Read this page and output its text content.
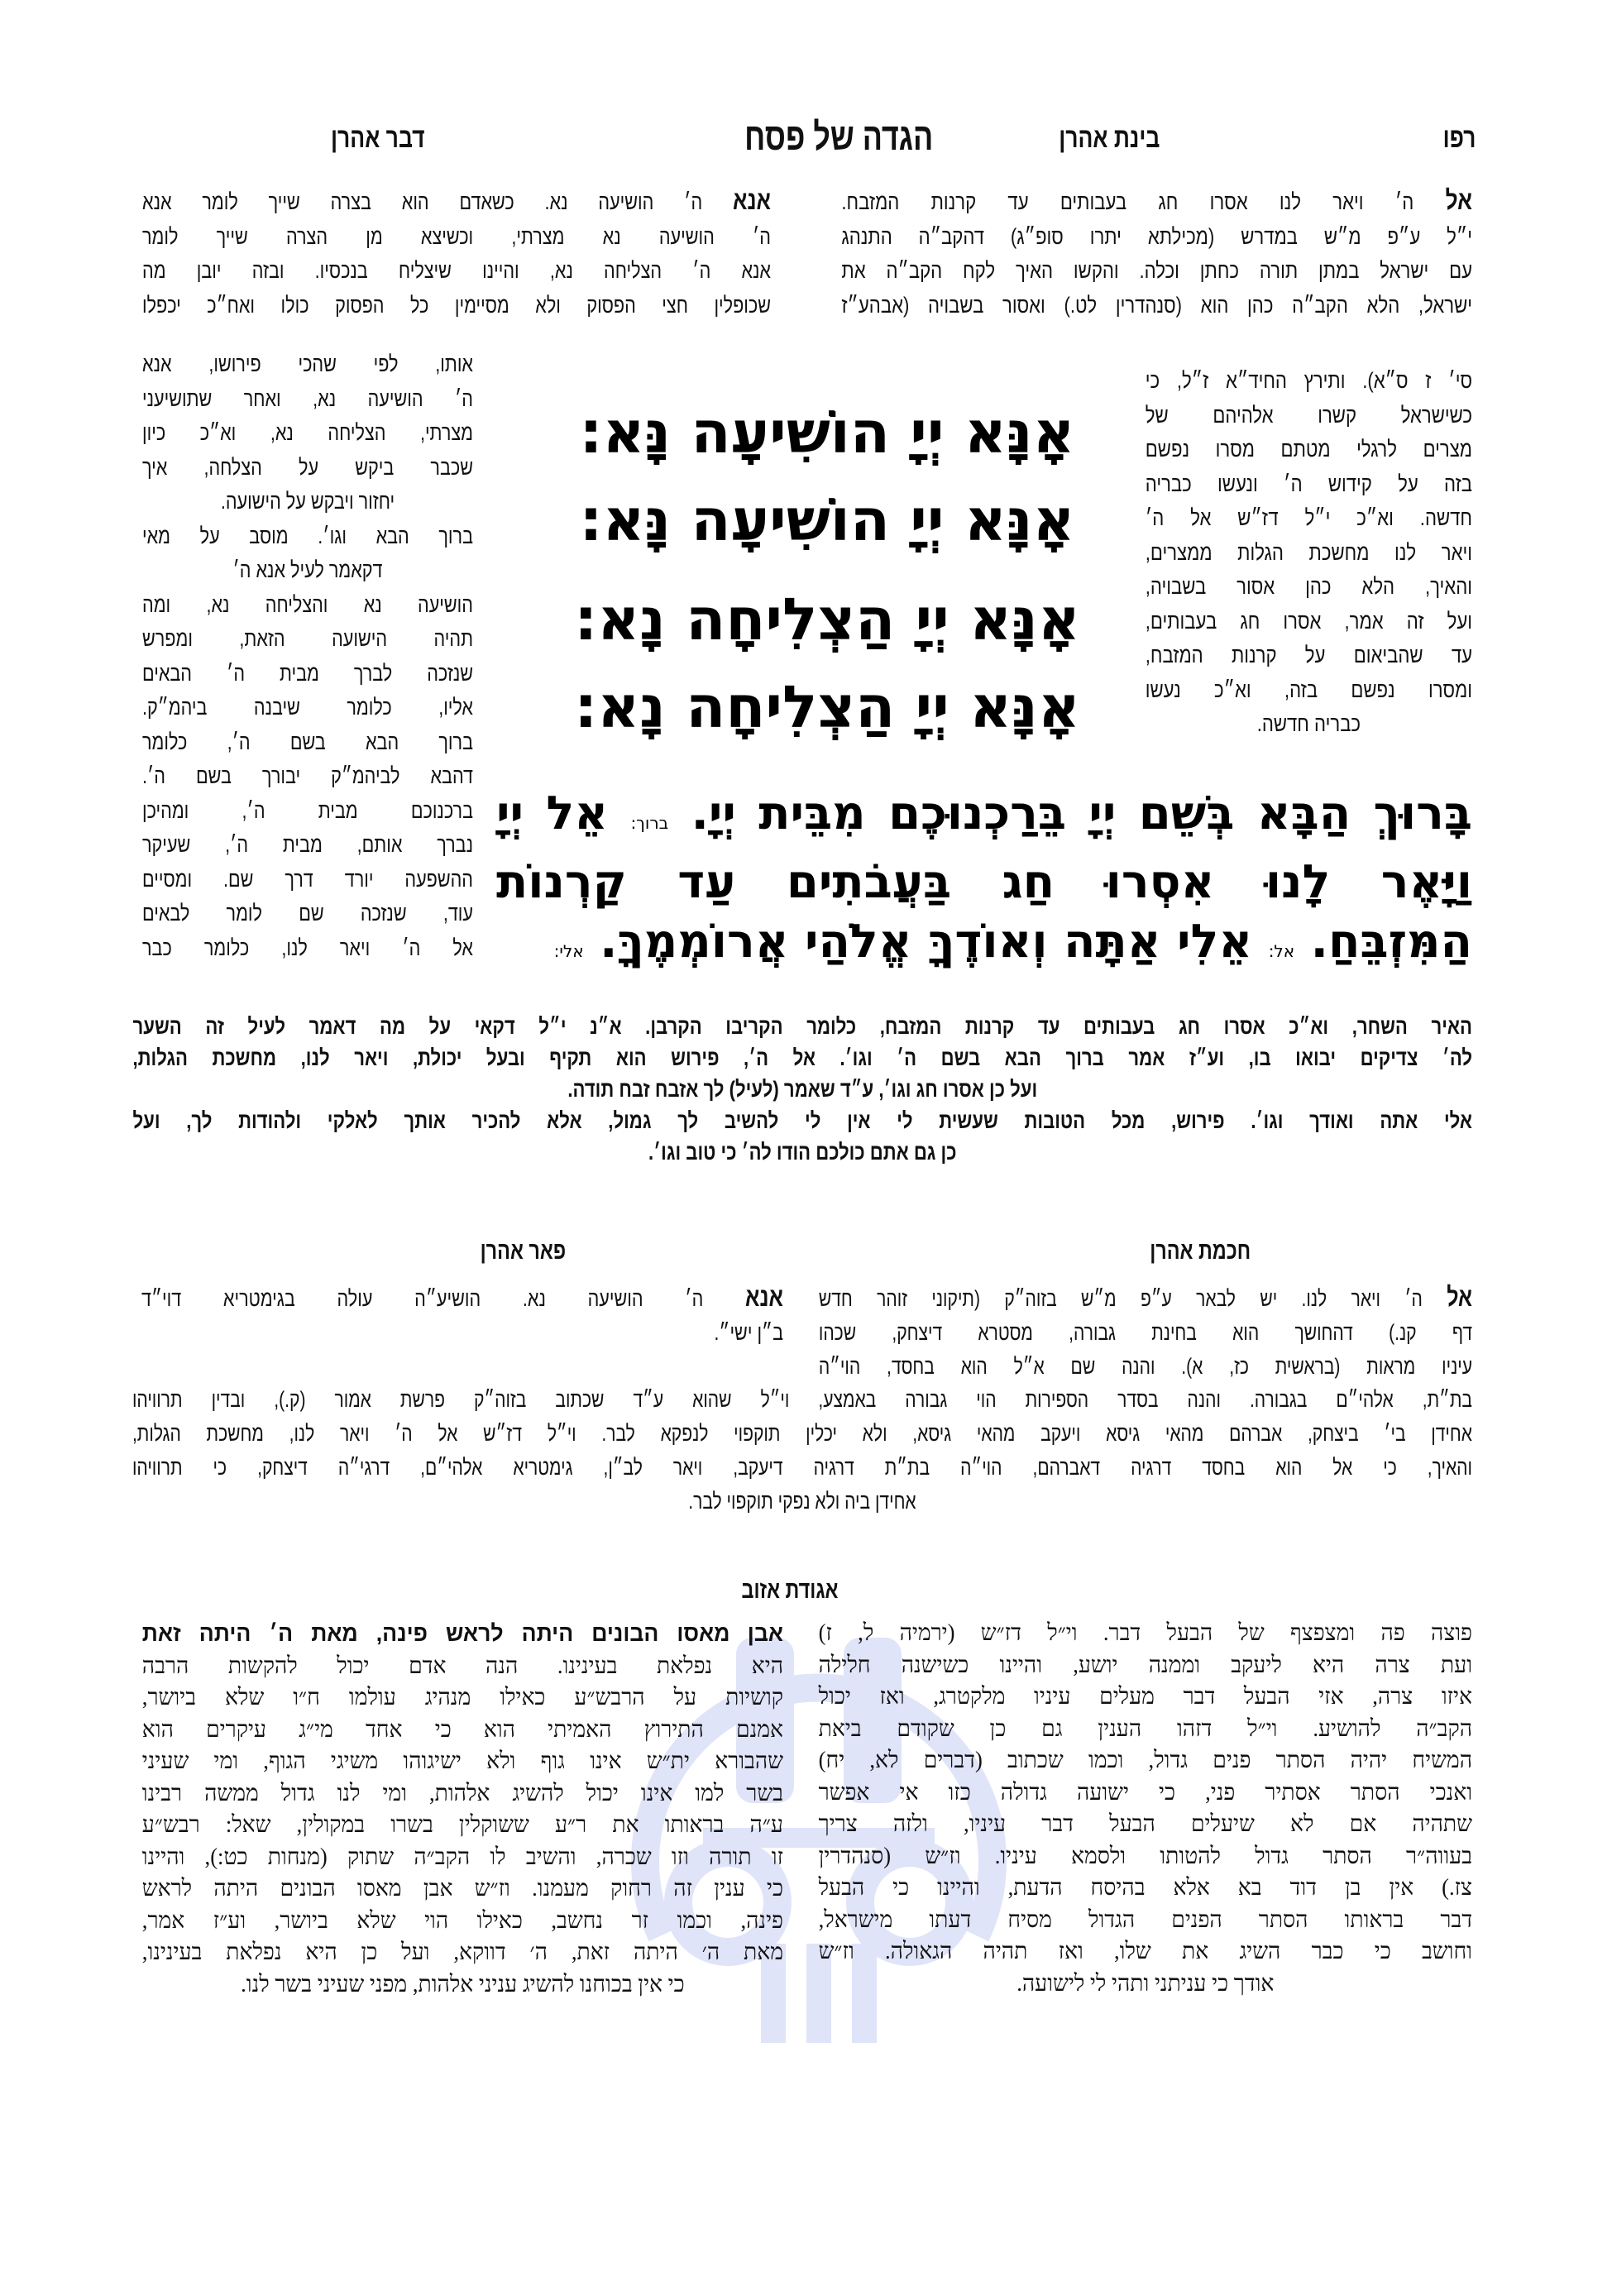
רפו
בינת אהרן
הגדה של פסח
דבר אהרן
אל ה׳ ויאר לנו אסרו חג בעבותים עד קרנות המזבח.
י״ל ע״פ מ״ש במדרש (מכילתא יתרו סופ״ג) דהקב״ה התנהג
עם ישראל במתן תורה כחתן וכלה. והקשו האיך לקח הקב״ה את
ישראל, הלא הקב״ה כהן הוא (סנהדרין לט.) ואסור בשבויה (אבהע״ז
סי׳ ז ס״א). ותירץ החיד״א ז״ל, כי
כשישראל קשרו אלהיהם של
מצרים לרגלי מטתם מסרו נפשם
בזה על קידוש ה׳ ונעשו כבריה
חדשה. וא״כ י״ל דז״ש אל ה׳
ויאר לנו מחשכת הגלות ממצרים,
והאיך, הלא כהן אסור בשבויה,
ועל זה אמר, אסרו חג בעבותים,
עד שהביאום על קרנות המזבח,
ומסרו נפשם בזה, וא״כ נעשו
כבריה חדשה.
אנא ה׳ הושיעה נא. כשאדם הוא בצרה שייך לומר אנא
ה׳ הושיעה נא מצרתי, וכשיצא מן הצרה שייך לומר
אנא ה׳ הצליחה נא, והיינו שיצליח בנכסיו. ובזה יובן מה
שכופלין חצי הפסוק ולא מסיימין כל הפסוק כולו ואח״כ יכפלו
אותו, לפי שהכי פירושו, אנא
ה׳ הושיעה נא, ואחר שתושיעני
מצרתי, הצליחה נא, וא״כ כיון
שכבר ביקש על הצלחה, איך
יחזור ויבקש על הישועה.
ברוך הבא וגו׳. מוסב על מאי
דקאמר לעיל אנא ה׳
הושיעה נא והצליחה נא, ומה
תהיה הישועה הזאת, ומפרש
שנזכה לברך מבית ה׳ הבאים
אליו, כלומר שיבנה ביהמ״ק.
ברוך הבא בשם ה׳, כלומר
דהבא לביהמ״ק יבורך בשם ה׳.
ברכנוכם מבית ה׳, ומהיכן
נברך אותם, מבית ה׳, שעיקר
ההשפעה יורד דרך שם. ומסיים
עוד, שנזכה שם לומר לבאים
אל ה׳ ויאר לנו, כלומר כבר
אָנָּא יְיָ הוֹשִׁיעָה נָּא:
אָנָּא יְיָ הוֹשִׁיעָה נָּא:
אָנָּא יְיָ הַצְלִיחָה נָא:
אָנָּא יְיָ הַצְלִיחָה נָא:
בָּרוּךְ הַבָּא בְּשֵׁם יְיָ בֵּרַכְנוּכֶם מִבֵּית יְיָ. ברוך: אֵל יְיָ
וַיָּאֶר לָנוּ אִסְרוּ חַג בַּעֲבֹתִים עַד קַרְנוֹת
הַמִּזְבֵּחַ. אל: אֵלִי אַתָּה וְאוֹדֶךָּ אֱלֹהַי אֲרוֹמְמֶךָּ. אלי:
האיר השחר, וא״כ אסרו חג בעבותים עד קרנות המזבח, כלומר הקריבו הקרבן. א״נ י״ל דקאי על מה דאמר לעיל זה השער
לה׳ צדיקים יבואו בו, וע״ז אמר ברוך הבא בשם ה׳ וגו׳. אל ה׳, פירוש הוא תקיף ובעל יכולת, ויאר לנו, מחשכת הגלות,
ועל כן אסרו חג וגו׳, ע״ד שאמר (לעיל) לך אזבח זבח תודה.
אלי אתה ואודך וגו׳. פירוש, מכל הטובות שעשית לי אין לי להשיב לך גמול, אלא להכיר אותך לאלקי ולהודות לך, ועל
כן גם אתם כולכם הודו לה׳ כי טוב וגו׳.
חכמת אהרן
פאר אהרן
אגודת אזוב
אל ה׳ ויאר לנו. יש לבאר ע״פ מ״ש בזוה״ק (תיקוני זוהר חדש
דף קנ.) דהחושך הוא בחינת גבורה, מסטרא דיצחק, שכהו
עיניו מראות (בראשית כז, א). והנה שם א״ל הוא בחסד, הוי״ה
בת״ת, אלהי״ם בגבורה. והנה בסדר הספירות הוי גבורה באמצע, וי״ל שהוא ע״ד שכתוב בזוה״ק פרשת אמור (ק.), ובדין תרוויהו
אחידן בי׳ ביצחק, אברהם מהאי גיסא ויעקב מהאי גיסא, ולא יכלין תוקפוי לנפקא לבר. וי״ל דז״ש אל ה׳ ויאר לנו, מחשכת הגלות,
והאיך, כי אל הוא בחסד דרגיה דאברהם, הוי״ה בת״ת דרגיה דיעקב, ויאר לב״ן, גימטריא אלהי״ם, דרגי״ה דיצחק, כי תרוויהו
אחידן ביה ולא נפקי תוקפוי לבר.
אנא ה׳ הושיעה נא. הושיע״ה עולה בגימטריא דוי״ד
ב״ן ישי״.
פוצה פה ומצפצף של הבעל דבר. וי״ל דז״ש (ירמיה ל, ז)
ועת צרה היא ליעקב וממנה יושע, והיינו כשישנה חלילה
איזו צרה, אזי הבעל דבר מעלים עיניו מלקטרג, ואז יכול
הקב״ה להושיע. וי״ל דזהו הענין גם כן שקודם ביאת
המשיח יהיה הסתר פנים גדול, וכמו שכתוב (דברים לא, יח)
ואנכי הסתר אסתיר פני, כי ישועה גדולה כזו אי אפשר
שתהיה אם לא שיעלים הבעל דבר עיניו, ולזה צריך
בעווה״ר הסתר גדול להטותו ולסמא עיניו. וז״ש (סנהדרין
צז.) אין בן דוד בא אלא בהיסח הדעת, והיינו כי הבעל
דבר בראותו הסתר הפנים הגדול מסיח דעתו מישראל,
וחושב כי כבר השיג את שלו, ואז תהיה הגאולה. וז״ש
אודך כי עניתני ותהי לי לישועה.
אבן מאסו הבונים היתה לראש פינה, מאת ה׳ היתה זאת
היא נפלאת בעינינו. הנה אדם יכול להקשות הרבה
קושיות על הרבש״ע כאילו מנהיג עולמו ח״ו שלא ביושר,
אמנם התירוץ האמיתי הוא כי אחד מי״ג עיקרים הוא
שהבורא ית״ש אינו גוף ולא ישיגוהו משיגי הגוף, ומי שעיני
בשר למו אינו יכול להשיג אלהות, ומי לנו גדול ממשה רבינו
ע״ה בראותו את ר״ע ששוקלין בשרו במקולין, שאל: רבש״ע
זו תורה וזו שכרה, והשיב לו הקב״ה שתוק (מנחות כט:), והיינו
כי ענין זה רחוק מעמנו. וז״ש אבן מאסו הבונים היתה לראש
פינה, וכמו זר נחשב, כאילו הוי שלא ביושר, וע״ז אמר,
מאת ה׳ היתה זאת, ה׳ דווקא, ועל כן היא נפלאת בעינינו,
כי אין בכוחנו להשיג עניני אלהות, מפני שעיני בשר לנו.
